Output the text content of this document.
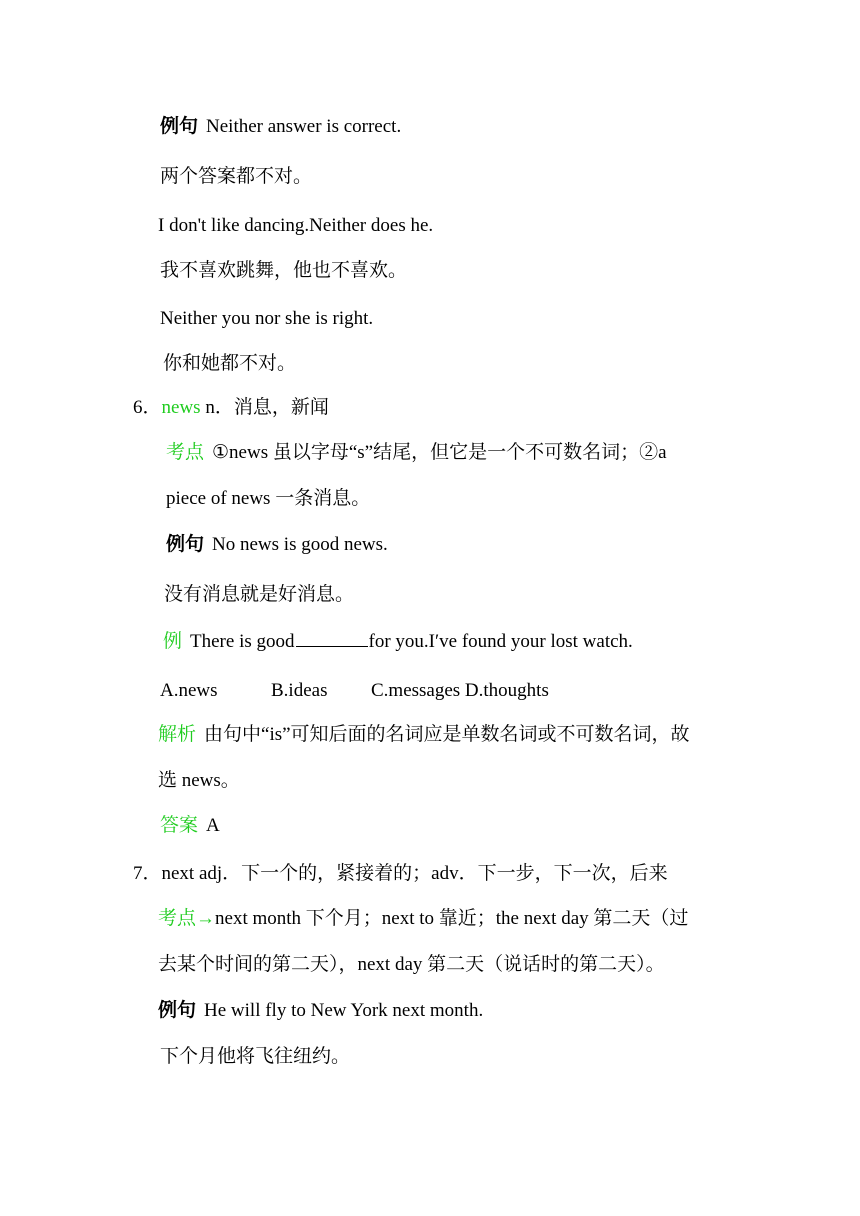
例句 Neither answer is correct.
两个答案都不对。
I don't like dancing.Neither does he.
我不喜欢跳舞，他也不喜欢。
Neither you nor she is right.
你和她都不对。
6．news n．消息，新闻
考点 ①news 虽以字母“s”结尾，但它是一个不可数名词；②a
piece of news 一条消息。
例句 No news is good news.
没有消息就是好消息。
例 There is good	for you.I′ve found your lost watch.
A.news	B.ideas C.messages D.thoughts
解析 由句中“is”可知后面的名词应是单数名词或不可数名词，故
选 news。
答案 A
7．next adj．下一个的，紧接着的；adv．下一步，下一次，后来
考点→next month 下个月；next to 靠近；the next day 第二天（过
去某个时间的第二天），next day 第二天（说话时的第二天）。
例句 He will fly to New York next month.
下个月他将飞往纽约。
